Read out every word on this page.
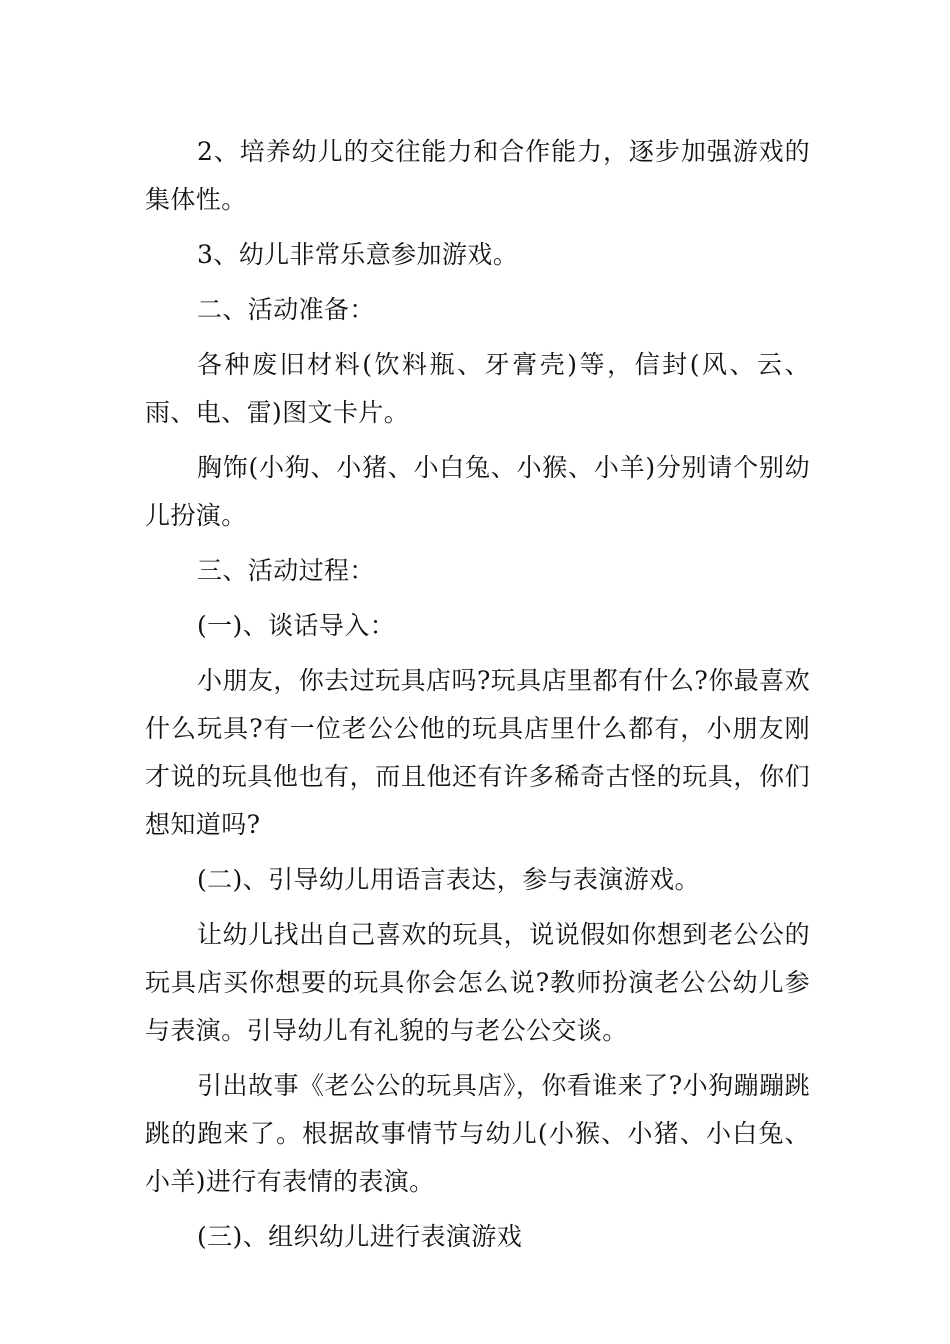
2、培养幼儿的交往能力和合作能力，逐步加强游戏的集体性。

3、幼儿非常乐意参加游戏。

二、活动准备：

各种废旧材料(饮料瓶、牙膏壳)等，信封(风、云、雨、电、雷)图文卡片。

胸饰(小狗、小猪、小白兔、小猴、小羊)分别请个别幼儿扮演。

三、活动过程：

(一)、谈话导入：

小朋友，你去过玩具店吗?玩具店里都有什么?你最喜欢什么玩具?有一位老公公他的玩具店里什么都有，小朋友刚才说的玩具他也有，而且他还有许多稀奇古怪的玩具，你们想知道吗?

(二)、引导幼儿用语言表达，参与表演游戏。

让幼儿找出自己喜欢的玩具，说说假如你想到老公公的玩具店买你想要的玩具你会怎么说?教师扮演老公公幼儿参与表演。引导幼儿有礼貌的与老公公交谈。

引出故事《老公公的玩具店》，你看谁来了?小狗蹦蹦跳跳的跑来了。根据故事情节与幼儿(小猴、小猪、小白兔、小羊)进行有表情的表演。

(三)、组织幼儿进行表演游戏
